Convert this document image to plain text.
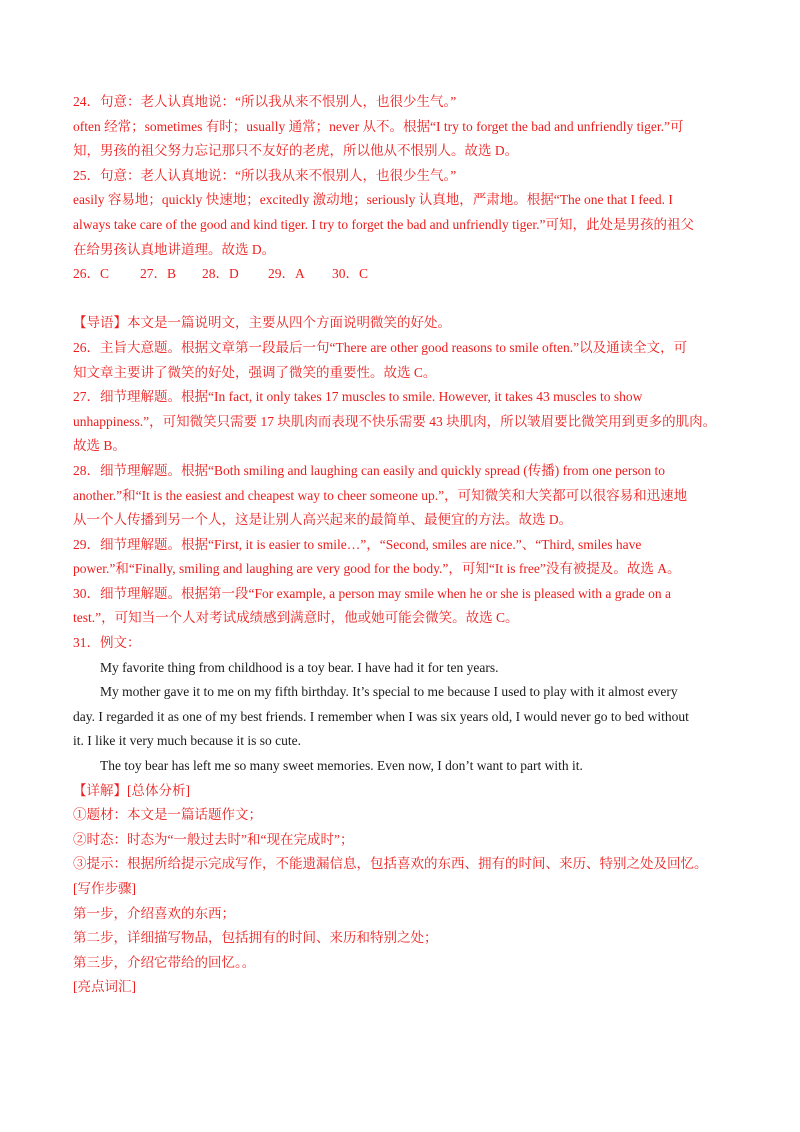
24．句意：老人认真地说：“所以我从来不恨别人，也很少生气。”
often 经常；sometimes 有时；usually 通常；never 从不。根据“I try to forget the bad and unfriendly tiger.”可
知，男孩的祖父努力忘记那只不友好的老虎，所以他从不恨别人。故选 D。
25．句意：老人认真地说：“所以我从来不恨别人，也很少生气。”
easily 容易地；quickly 快速地；excitedly 激动地；seriously 认真地，严肃地。根据“The one that I feed. I
always take care of the good and kind tiger. I try to forget the bad and unfriendly tiger.”可知，此处是男孩的祖父
在给男孩认真地讲道理。故选 D。
26．C 27．B 28．D 29．A 30．C
【导语】本文是一篇说明文，主要从四个方面说明微笑的好处。
26．主旨大意题。根据文章第一段最后一句“There are other good reasons to smile often.”以及通读全文，可
知文章主要讲了微笑的好处，强调了微笑的重要性。故选 C。
27．细节理解题。根据“In fact, it only takes 17 muscles to smile. However, it takes 43 muscles to show
unhappiness.”，可知微笑只需要 17 块肌肉而表现不快乐需要 43 块肌肉，所以皱眉要比微笑用到更多的肌肉。
故选 B。
28．细节理解题。根据“Both smiling and laughing can easily and quickly spread (传播) from one person to
another.”和“It is the easiest and cheapest way to cheer someone up.”，可知微笑和大笑都可以很容易和迅速地
从一个人传播到另一个人，这是让别人高兴起来的最简单、最便宜的方法。故选 D。
29．细节理解题。根据“First, it is easier to smile…”，“Second, smiles are nice.”、“Third, smiles have
power.”和“Finally, smiling and laughing are very good for the body.”，可知“It is free”没有被提及。故选 A。
30．细节理解题。根据第一段“For example, a person may smile when he or she is pleased with a grade on a
test.”，可知当一个人对考试成绩感到满意时，他或她可能会微笑。故选 C。
31．例文：
My favorite thing from childhood is a toy bear. I have had it for ten years.
My mother gave it to me on my fifth birthday. It’s special to me because I used to play with it almost every
day. I regarded it as one of my best friends. I remember when I was six years old, I would never go to bed without
it. I like it very much because it is so cute.
The toy bear has left me so many sweet memories. Even now, I don’t want to part with it.
【详解】[总体分析]
①题材：本文是一篇话题作文；
②时态：时态为“一般过去时”和“现在完成时”；
③提示：根据所给提示完成写作，不能遗漏信息，包括喜欢的东西、拥有的时间、来历、特别之处及回忆。
[写作步骤]
第一步，介绍喜欢的东西；
第二步，详细描写物品，包括拥有的时间、来历和特别之处；
第三步，介绍它带给的回忆。。
[亮点词汇]
